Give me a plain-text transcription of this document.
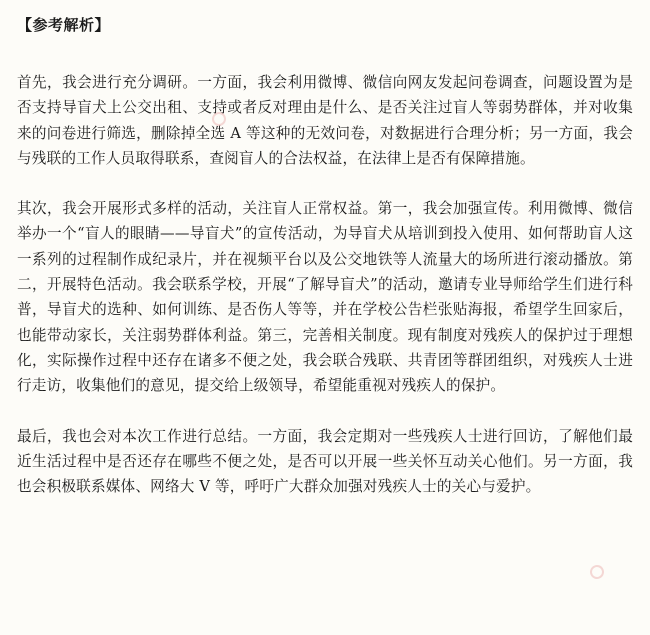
【参考解析】

首先，我会进行充分调研。一方面，我会利用微博、微信向网友发起问卷调查，问题设置为是否支持导盲犬上公交出租、支持或者反对理由是什么、是否关注过盲人等弱势群体，并对收集来的问卷进行筛选，删除掉全选 A 等这种的无效问卷，对数据进行合理分析；另一方面，我会与残联的工作人员取得联系，查阅盲人的合法权益，在法律上是否有保障措施。

其次，我会开展形式多样的活动，关注盲人正常权益。第一，我会加强宣传。利用微博、微信举办一个“盲人的眼睛——导盲犬”的宣传活动，为导盲犬从培训到投入使用、如何帮助盲人这一系列的过程制作成纪录片，并在视频平台以及公交地铁等人流量大的场所进行滚动播放。第二，开展特色活动。我会联系学校，开展“了解导盲犬”的活动，邀请专业导师给学生们进行科普，导盲犬的选种、如何训练、是否伤人等等，并在学校公告栏张贴海报，希望学生回家后，也能带动家长，关注弱势群体利益。第三，完善相关制度。现有制度对残疾人的保护过于理想化，实际操作过程中还存在诸多不便之处，我会联合残联、共青团等群团组织，对残疾人士进行走访，收集他们的意见，提交给上级领导，希望能重视对残疾人的保护。

最后，我也会对本次工作进行总结。一方面，我会定期对一些残疾人士进行回访，了解他们最近生活过程中是否还存在哪些不便之处，是否可以开展一些关怀互动关心他们。另一方面，我也会积极联系媒体、网络大 V 等，呼吁广大群众加强对残疾人士的关心与爱护。
